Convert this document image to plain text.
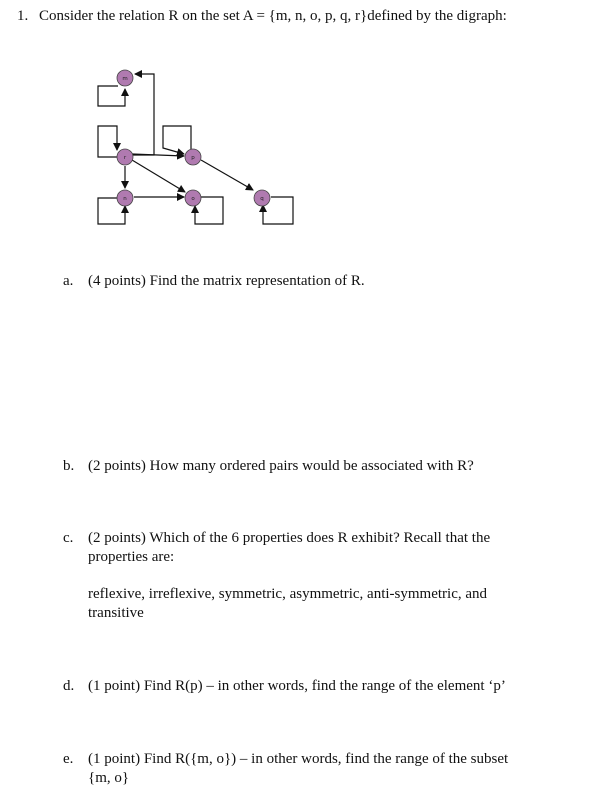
1. Consider the relation R on the set A = {m, n, o, p, q, r}defined by the digraph:
m
r	p
n	o	q
a. (4 points) Find the matrix representation of R.

b. (2 points) How many ordered pairs would be associated with R?

c. (2 points) Which of the 6 properties does R exhibit? Recall that the properties are:

reflexive, irreflexive, symmetric, asymmetric, anti-symmetric, and transitive

d. (1 point) Find R(p) – in other words, find the range of the element ‘p’

e. (1 point) Find R({m, o}) – in other words, find the range of the subset {m, o}
